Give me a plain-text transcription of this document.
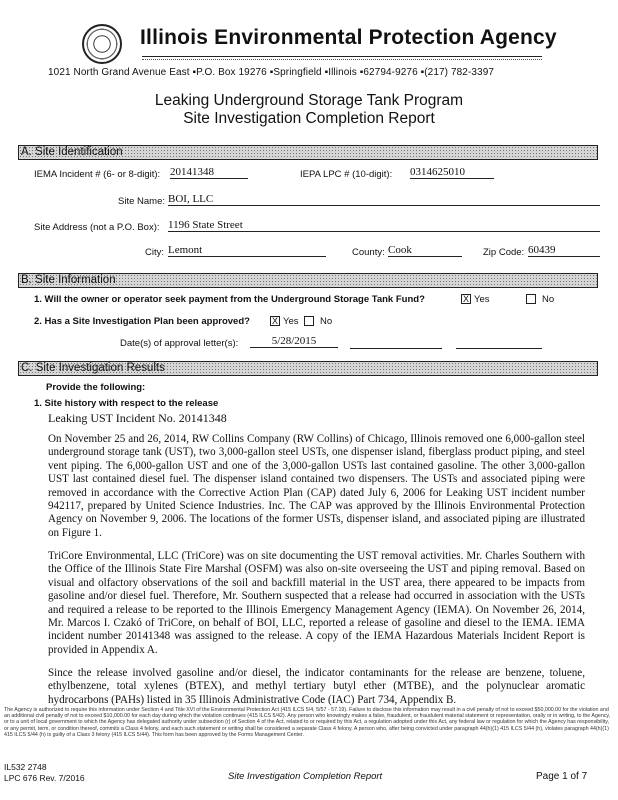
Illinois Environmental Protection Agency
1021 North Grand Avenue East ▪P.O. Box 19276 ▪Springfield ▪Illinois ▪62794-9276 ▪(217) 782-3397
Leaking Underground Storage Tank Program
Site Investigation Completion Report
A. Site Identification
IEMA Incident # (6- or 8-digit): 20141348	IEPA LPC # (10-digit): 0314625010
Site Name: BOI, LLC
Site Address (not a P.O. Box): 1196 State Street
City: Lemont	County: Cook	Zip Code: 60439
B. Site Information
1. Will the owner or operator seek payment from the Underground Storage Tank Fund?	X Yes	No
2. Has a Site Investigation Plan been approved? X Yes No
Date(s) of approval letter(s):	5/28/2015
C. Site Investigation Results
Provide the following:
1. Site history with respect to the release
Leaking UST Incident No. 20141348
On November 25 and 26, 2014, RW Collins Company (RW Collins) of Chicago, Illinois removed one 6,000-gallon steel underground storage tank (UST), two 3,000-gallon steel USTs, one dispenser island, fiberglass product piping, and steel vent piping. The 6,000-gallon UST and one of the 3,000-gallon USTs last contained gasoline. The other 3,000-gallon UST last contained diesel fuel. The dispenser island contained two dispensers. The USTs and associated piping were removed in accordance with the Corrective Action Plan (CAP) dated July 6, 2006 for Leaking UST incident number 942117, prepared by United Science Industries. Inc. The CAP was approved by the Illinois Environmental Protection Agency on November 9, 2006. The locations of the former USTs, dispenser island, and associated piping are illustrated on Figure 1.
TriCore Environmental, LLC (TriCore) was on site documenting the UST removal activities. Mr. Charles Southern with the Office of the Illinois State Fire Marshal (OSFM) was also on-site overseeing the UST and piping removal. Based on visual and olfactory observations of the soil and backfill material in the UST area, there appeared to be impacts from gasoline and/or diesel fuel. Therefore, Mr. Southern suspected that a release had occurred in association with the USTs and required a release to be reported to the Illinois Emergency Management Agency (IEMA). On November 26, 2014, Mr. Marcos I. Czakó of TriCore, on behalf of BOI, LLC, reported a release of gasoline and diesel to the IEMA. IEMA incident number 20141348 was assigned to the release. A copy of the IEMA Hazardous Materials Incident Report is provided in Appendix A.
Since the release involved gasoline and/or diesel, the indicator contaminants for the release are benzene, toluene, ethylbenzene, total xylenes (BTEX), and methyl tertiary butyl ether (MTBE), and the polynuclear aromatic hydrocarbons (PAHs) listed in 35 Illinois Administrative Code (IAC) Part 734, Appendix B.
The Agency is authorized to require this information under Section 4 and Title XVI of the Environmental Protection Act (415 ILCS 5/4, 5/57 - 57.19). Failure to disclose this information may result in a civil penalty of not to exceed $50,000.00 for the violation and an additional civil penalty of not to exceed $10,000.00 for each day during which the violation continues (415 ILCS 5/42). Any person who knowingly makes a false, fraudulent, or fraudulent material statement or representation, orally or in writing, to the Agency, or to a unit of local government to which the Agency has delegated authority under subsection (r) of Section 4 of the Act, related to or required by this Act, a regulation adopted under this Act, any federal law or regulation for which the Agency has responsibility, or any permit, term, or condition thereof, commits a Class 4 felony, and each such statement or writing shall be considered a separate Class 4 felony. A person who, after being convicted under paragraph 44(h)(1) 415 ILCS 5/44 (h), violates paragraph 44(h)(1) 415 ILCS 5/44 (h) is guilty of a Class 3 felony (415 ILCS 5/44). This form has been approved by the Forms Management Center.
IL532 2748
LPC 676 Rev. 7/2016	Site Investigation Completion Report	Page 1 of 7
